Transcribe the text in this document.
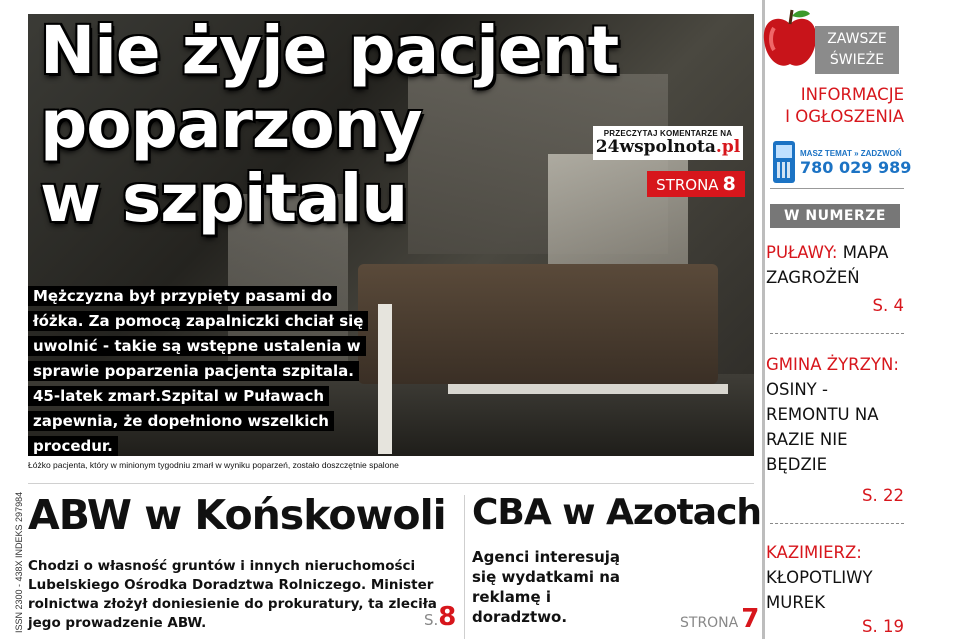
Nie żyje pacjent
poparzony
w szpitalu
PRZECZYTAJ KOMENTARZE NA
24wspolnota.pl
STRONA 8
Mężczyzna był przypięty pasami do łóżka. Za pomocą zapalniczki chciał się uwolnić - takie są wstępne ustalenia w sprawie poparzenia pacjenta szpitala. 45-latek zmarł.Szpital w Puławach zapewnia, że dopełniono wszelkich procedur.
Łóżko pacjenta, który w minionym tygodniu zmarł w wyniku poparzeń, zostało doszczętnie spalone
ZAWSZE
ŚWIEŻE
INFORMACJE
I OGŁOSZENIA
MASZ TEMAT » ZADZWOŃ
780 029 989
W NUMERZE
PUŁAWY: MAPA ZAGROŻEŃ
S. 4
GMINA ŻYRZYN: OSINY - REMONTU NA RAZIE NIE BĘDZIE
S. 22
KAZIMIERZ: KŁOPOTLIWY MUREK
S. 19
ISSN 2300 - 438X INDEKS 297984 ABW w Końskowoli
Chodzi o własność gruntów i innych nieruchomości Lubelskiego Ośrodka Doradztwa Rolniczego. Minister rolnictwa złożył doniesienie do prokuratury, ta zleciła jego prowadzenie ABW.	S.8
CBA w Azotach
Agenci interesują się wydatkami na reklamę i doradztwo.	STRONA 7
